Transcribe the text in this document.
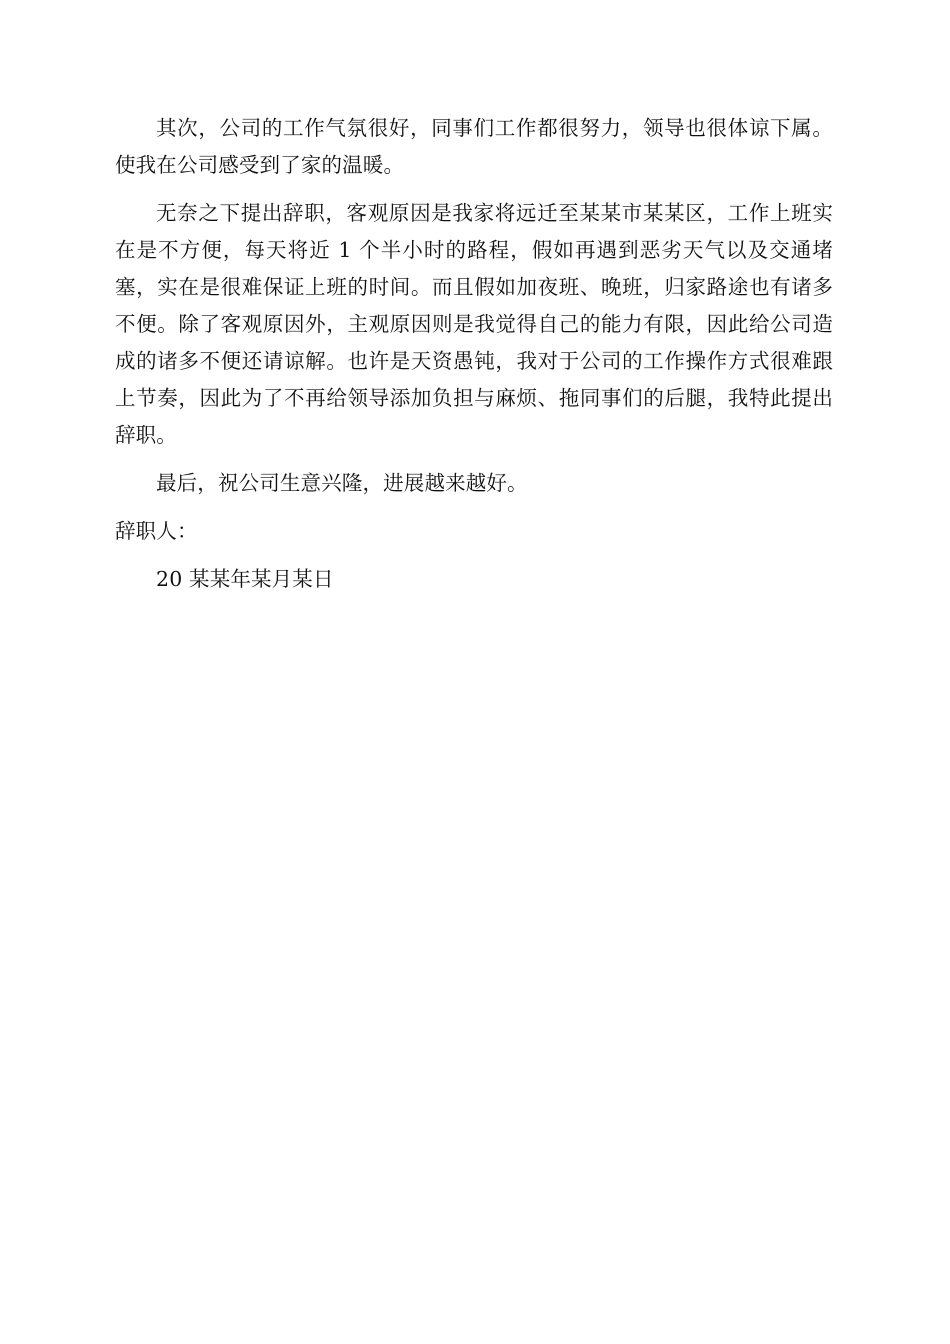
其次，公司的工作气氛很好，同事们工作都很努力，领导也很体谅下属。使我在公司感受到了家的温暖。

无奈之下提出辞职，客观原因是我家将远迁至某某市某某区，工作上班实在是不方便，每天将近 1 个半小时的路程，假如再遇到恶劣天气以及交通堵塞，实在是很难保证上班的时间。而且假如加夜班、晚班，归家路途也有诸多不便。除了客观原因外，主观原因则是我觉得自己的能力有限，因此给公司造成的诸多不便还请谅解。也许是天资愚钝，我对于公司的工作操作方式很难跟上节奏，因此为了不再给领导添加负担与麻烦、拖同事们的后腿，我特此提出辞职。

最后，祝公司生意兴隆，进展越来越好。

辞职人：

20 某某年某月某日
